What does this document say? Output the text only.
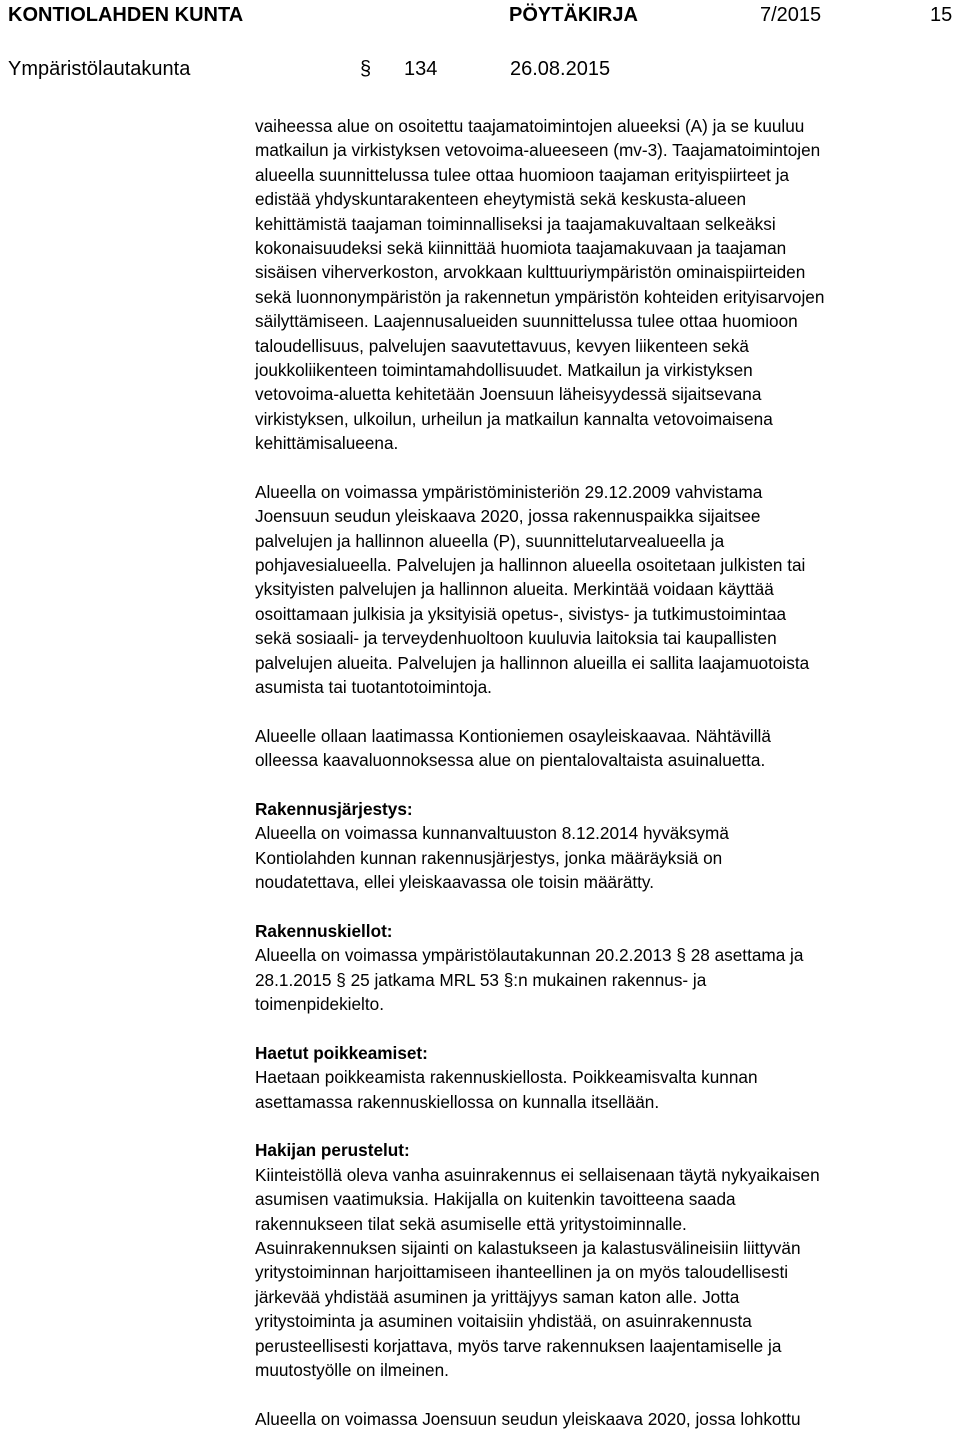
KONTIOLAHDEN KUNTA	PÖYTÄKIRJA	7/2015	15
Ympäristölautakunta	§ 134	26.08.2015
vaiheessa alue on osoitettu taajamatoimintojen alueeksi (A) ja se kuuluu
matkailun ja virkistyksen vetovoima-alueeseen (mv-3). Taajamatoimintojen
alueella suunnittelussa tulee ottaa huomioon taajaman erityispiirteet ja
edistää yhdyskuntarakenteen eheytymistä sekä keskusta-alueen
kehittämistä taajaman toiminnalliseksi ja taajamakuvaltaan selkeäksi
kokonaisuudeksi sekä kiinnittää huomiota taajamakuvaan ja taajaman
sisäisen viherverkoston, arvokkaan kulttuuriympäristön ominaispiirteiden
sekä luonnonympäristön ja rakennetun ympäristön kohteiden erityisarvojen
säilyttämiseen. Laajennusalueiden suunnittelussa tulee ottaa huomioon
taloudellisuus, palvelujen saavutettavuus, kevyen liikenteen sekä
joukkoliikenteen toimintamahdollisuudet. Matkailun ja virkistyksen
vetovoima-aluetta kehitetään Joensuun läheisyydessä sijaitsevana
virkistyksen, ulkoilun, urheilun ja matkailun kannalta vetovoimaisena
kehittämisalueena.
Alueella on voimassa ympäristöministeriön 29.12.2009 vahvistama
Joensuun seudun yleiskaava 2020, jossa rakennuspaikka sijaitsee
palvelujen ja hallinnon alueella (P), suunnittelutarvealueella ja
pohjavesialueella. Palvelujen ja hallinnon alueella osoitetaan julkisten tai
yksityisten palvelujen ja hallinnon alueita. Merkintää voidaan käyttää
osoittamaan julkisia ja yksityisiä opetus-, sivistys- ja tutkimustoimintaa
sekä sosiaali- ja terveydenhuoltoon kuuluvia laitoksia tai kaupallisten
palvelujen alueita. Palvelujen ja hallinnon alueilla ei sallita laajamuotoista
asumista tai tuotantotoimintoja.
Alueelle ollaan laatimassa Kontioniemen osayleiskaavaa. Nähtävillä
olleessa kaavaluonnoksessa alue on pientalovaltaista asuinaluetta.
Rakennusjärjestys:
Alueella on voimassa kunnanvaltuuston 8.12.2014 hyväksymä
Kontiolahden kunnan rakennusjärjestys, jonka määräyksiä on
noudatettava, ellei yleiskaavassa ole toisin määrätty.
Rakennuskiellot:
Alueella on voimassa ympäristölautakunnan 20.2.2013 § 28 asettama ja
28.1.2015 § 25 jatkama MRL 53 §:n mukainen rakennus- ja
toimenpidekielto.
Haetut poikkeamiset:
Haetaan poikkeamista rakennuskiellosta. Poikkeamisvalta kunnan
asettamassa rakennuskiellossa on kunnalla itsellään.
Hakijan perustelut:
Kiinteistöllä oleva vanha asuinrakennus ei sellaisenaan täytä nykyaikaisen
asumisen vaatimuksia. Hakijalla on kuitenkin tavoitteena saada
rakennukseen tilat sekä asumiselle että yritystoiminnalle.
Asuinrakennuksen sijainti on kalastukseen ja kalastusvälineisiin liittyvän
yritystoiminnan harjoittamiseen ihanteellinen ja on myös taloudellisesti
järkevää yhdistää asuminen ja yrittäjyys saman katon alle. Jotta
yritystoiminta ja asuminen voitaisiin yhdistää, on asuinrakennusta
perusteellisesti korjattava, myös tarve rakennuksen laajentamiselle ja
muutostyölle on ilmeinen.
Alueella on voimassa Joensuun seudun yleiskaava 2020, jossa lohkottu
